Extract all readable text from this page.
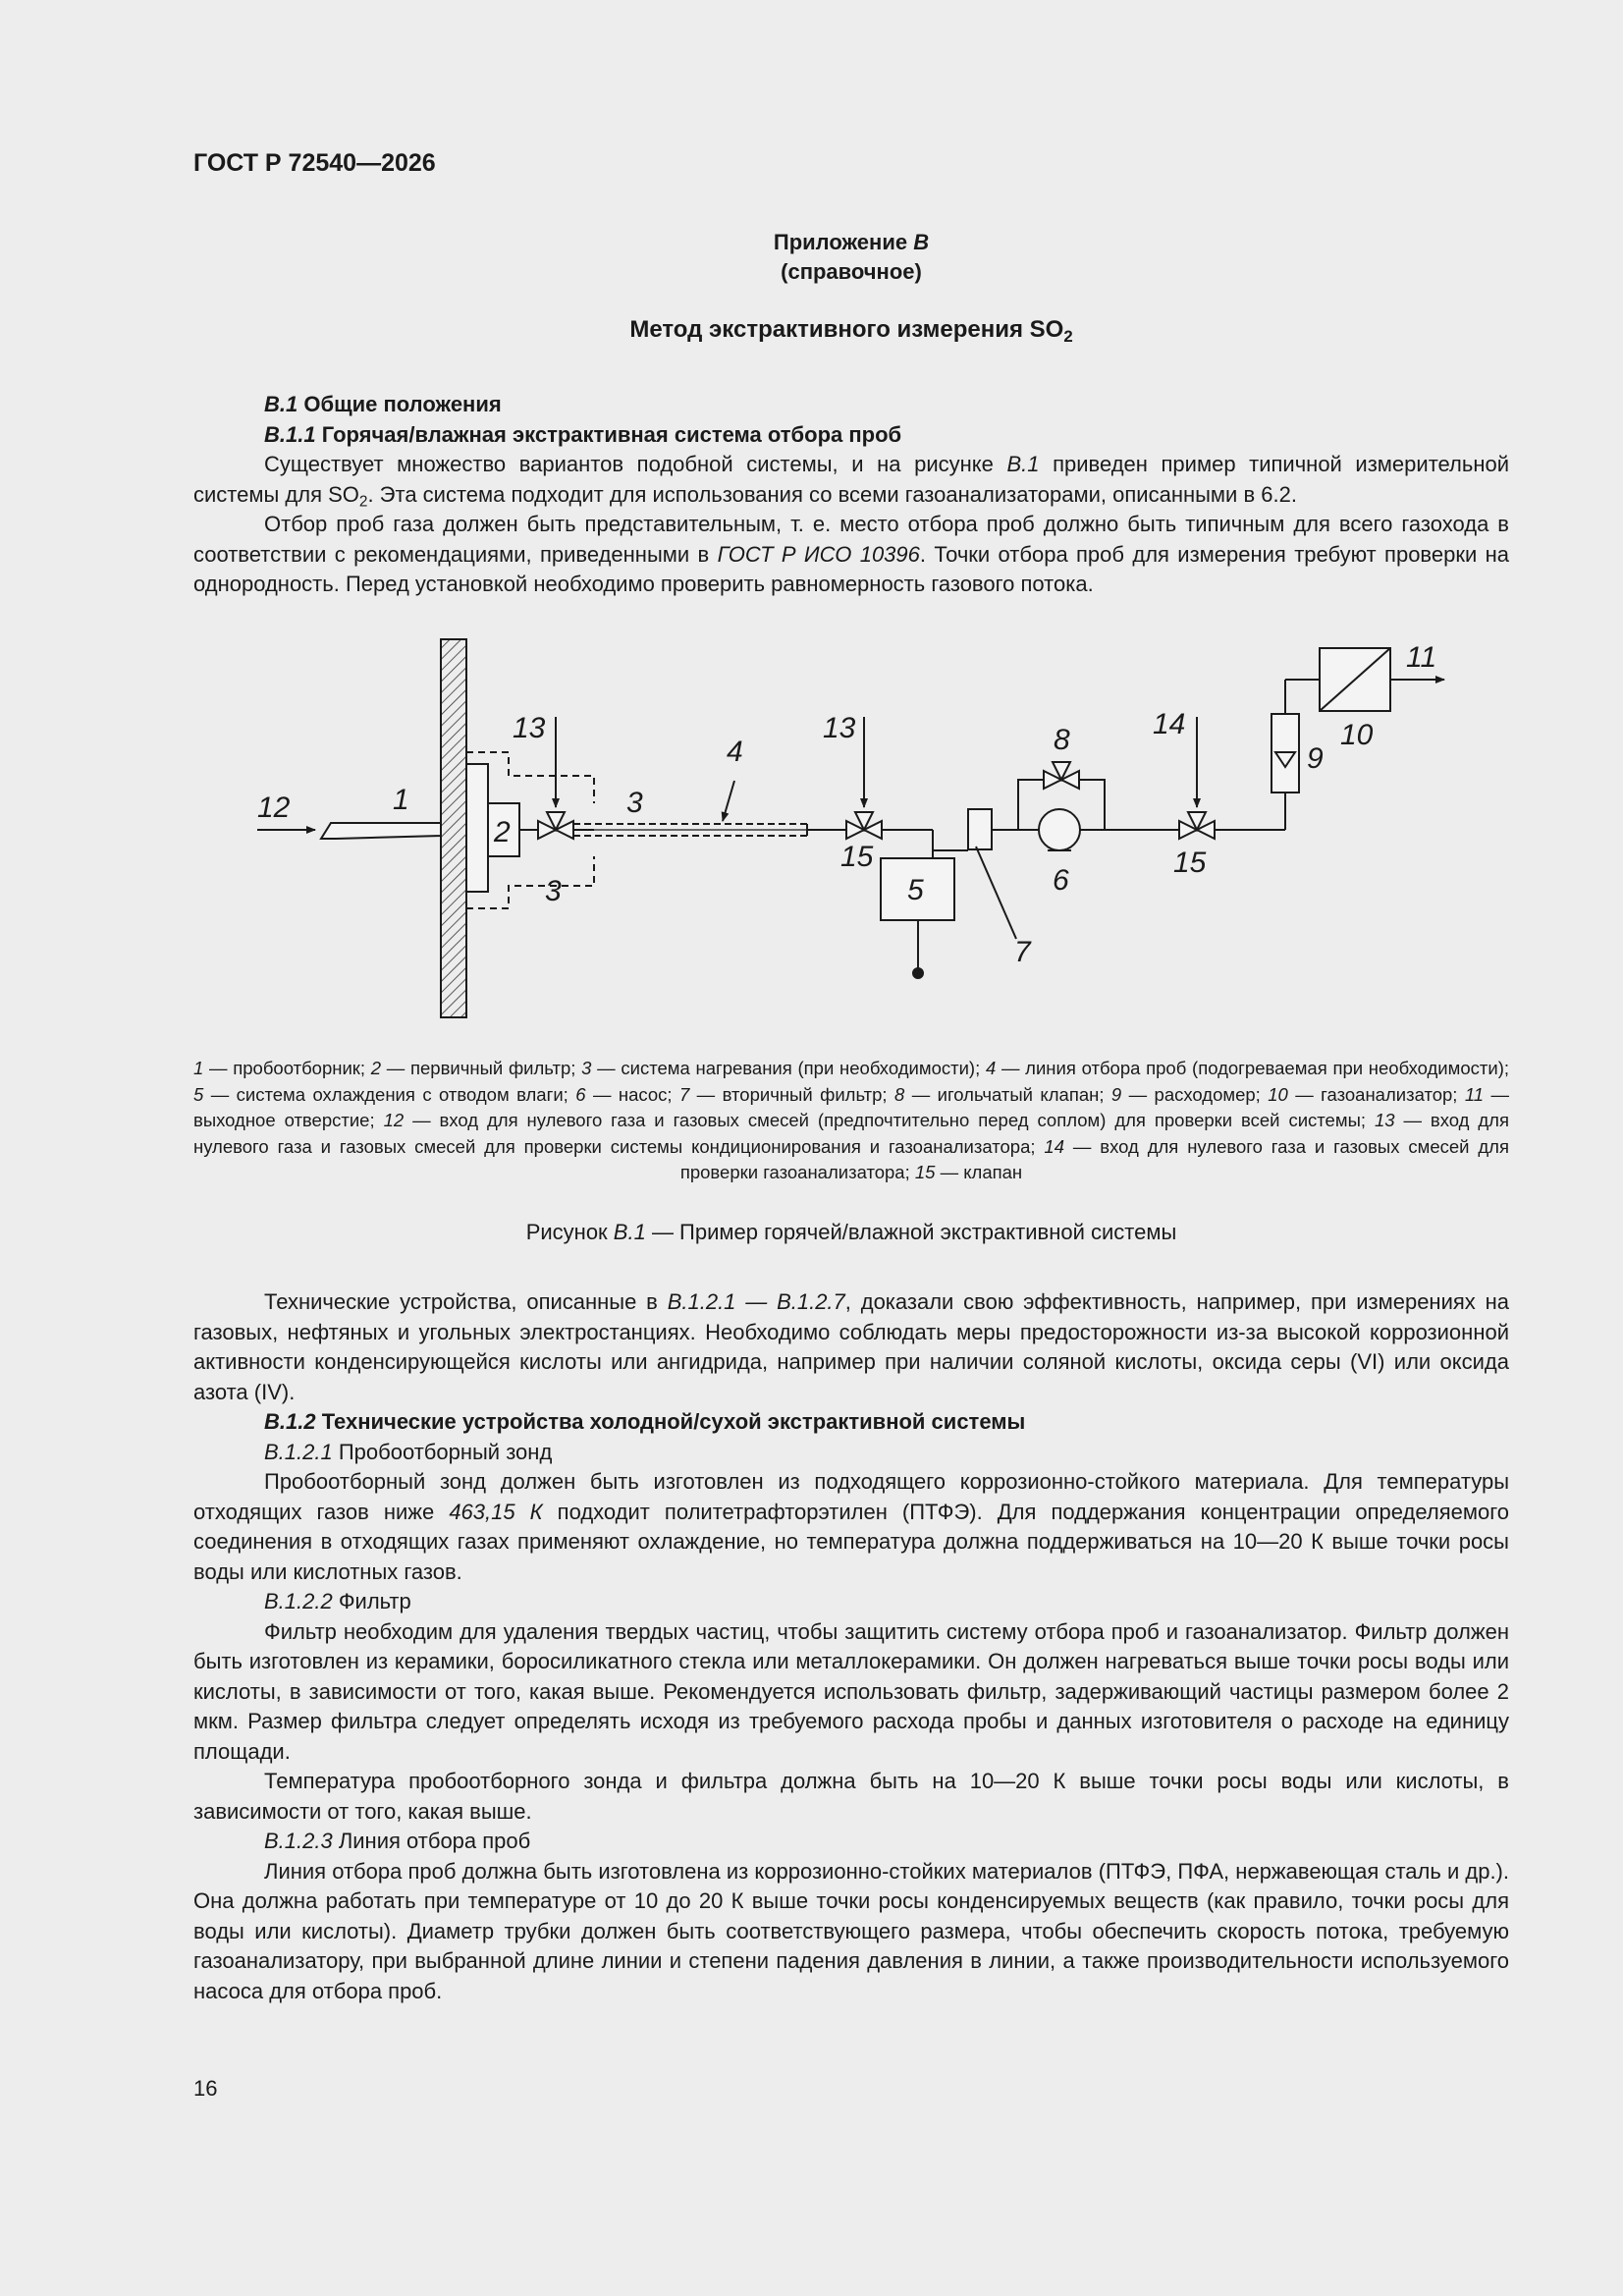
ГОСТ Р 72540—2026
Приложение В
(справочное)
Метод экстрактивного измерения $SO_2$

В.1 Общие положения

В.1.1 Горячая/влажная экстрактивная система отбора проб

Существует множество вариантов подобной системы, и на рисунке В.1 приведен пример типичной измерительной системы для $SO_2$. Эта система подходит для использования со всеми газоанализаторами, описанными в 6.2.

Отбор проб газа должен быть представительным, т. е. место отбора проб должно быть типичным для всего газохода в соответствии с рекомендациями, приведенными в ГОСТ Р ИСО 10396. Точки отбора проб для измерения требуют проверки на однородность. Перед установкой необходимо проверить равномерность газового потока.

1
2
3
3
4
5	6
7
8
9
10
11
12
13	13	14
15	15

1 — пробоотборник; 2 — первичный фильтр; 3 — система нагревания (при необходимости); 4 — линия отбора проб (подогреваемая при необходимости); 5 — система охлаждения с отводом влаги; 6 — насос; 7 — вторичный фильтр; 8 — игольчатый клапан; 9 — расходомер; 10 — газоанализатор; 11 — выходное отверстие; 12 — вход для нулевого газа и газовых смесей (предпочтительно перед соплом) для проверки всей системы; 13 — вход для нулевого газа и газовых смесей для проверки системы кондиционирования и газоанализатора; 14 — вход для нулевого газа и газовых смесей для проверки газоанализатора; 15 — клапан

Рисунок В.1 — Пример горячей/влажной экстрактивной системы

Технические устройства, описанные в В.1.2.1 — В.1.2.7, доказали свою эффективность, например, при измерениях на газовых, нефтяных и угольных электростанциях. Необходимо соблюдать меры предосторожности из-за высокой коррозионной активности конденсирующейся кислоты или ангидрида, например при наличии соляной кислоты, оксида серы (VI) или оксида азота (IV).

В.1.2 Технические устройства холодной/сухой экстрактивной системы

В.1.2.1 Пробоотборный зонд

Пробоотборный зонд должен быть изготовлен из подходящего коррозионно-стойкого материала. Для температуры отходящих газов ниже 463,15 К подходит политетрафторэтилен (ПТФЭ). Для поддержания концентрации определяемого соединения в отходящих газах применяют охлаждение, но температура должна поддерживаться на 10—20 К выше точки росы воды или кислотных газов.

В.1.2.2 Фильтр

Фильтр необходим для удаления твердых частиц, чтобы защитить систему отбора проб и газоанализатор. Фильтр должен быть изготовлен из керамики, боросиликатного стекла или металлокерамики. Он должен нагреваться выше точки росы воды или кислоты, в зависимости от того, какая выше. Рекомендуется использовать фильтр, задерживающий частицы размером более 2 мкм. Размер фильтра следует определять исходя из требуемого расхода пробы и данных изготовителя о расходе на единицу площади.

Температура пробоотборного зонда и фильтра должна быть на 10—20 К выше точки росы воды или кислоты, в зависимости от того, какая выше.

В.1.2.3 Линия отбора проб

Линия отбора проб должна быть изготовлена из коррозионно-стойких материалов (ПТФЭ, ПФА, нержавеющая сталь и др.). Она должна работать при температуре от 10 до 20 К выше точки росы конденсируемых веществ (как правило, точки росы для воды или кислоты). Диаметр трубки должен быть соответствующего размера, чтобы обеспечить скорость потока, требуемую газоанализатору, при выбранной длине линии и степени падения давления в линии, а также производительности используемого насоса для отбора проб.

16
